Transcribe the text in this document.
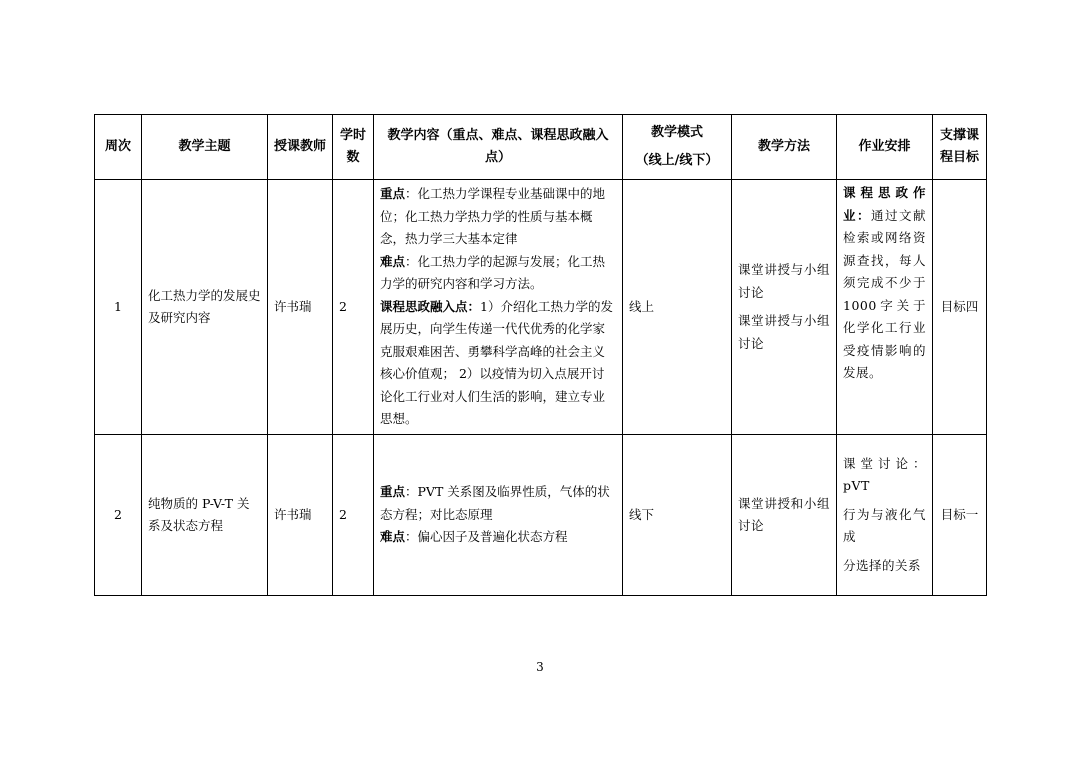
周次	教学主题	授课教师	学时数	教学内容（重点、难点、课程思政融入点）	教学模式
（线上/线下）	教学方法	作业安排	支撑课程目标
1	化工热力学的发展史及研究内容	许书瑞	2	重点：化工热力学课程专业基础课中的地位；化工热力学热力学的性质与基本概念，热力学三大基本定律
难点：化工热力学的起源与发展；化工热力学的研究内容和学习方法。
课程思政融入点：1）介绍化工热力学的发展历史，向学生传递一代代优秀的化学家克服艰难困苦、勇攀科学高峰的社会主义核心价值观； 2）以疫情为切入点展开讨论化工行业对人们生活的影响，建立专业思想。	线上	课堂讲授与小组讨论
课堂讲授与小组讨论	课程思政作业：通过文献检索或网络资源查找，每人须完成不少于1000字关于化学化工行业受疫情影响的发展。	目标四
2	纯物质的 P-V-T 关系及状态方程	许书瑞	2	重点：PVT 关系图及临界性质，气体的状态方程；对比态原理
难点：偏心因子及普遍化状态方程	线下	课堂讲授和小组讨论	课堂讨论：pVT
行为与液化气成
分选择的关系	目标一
3
